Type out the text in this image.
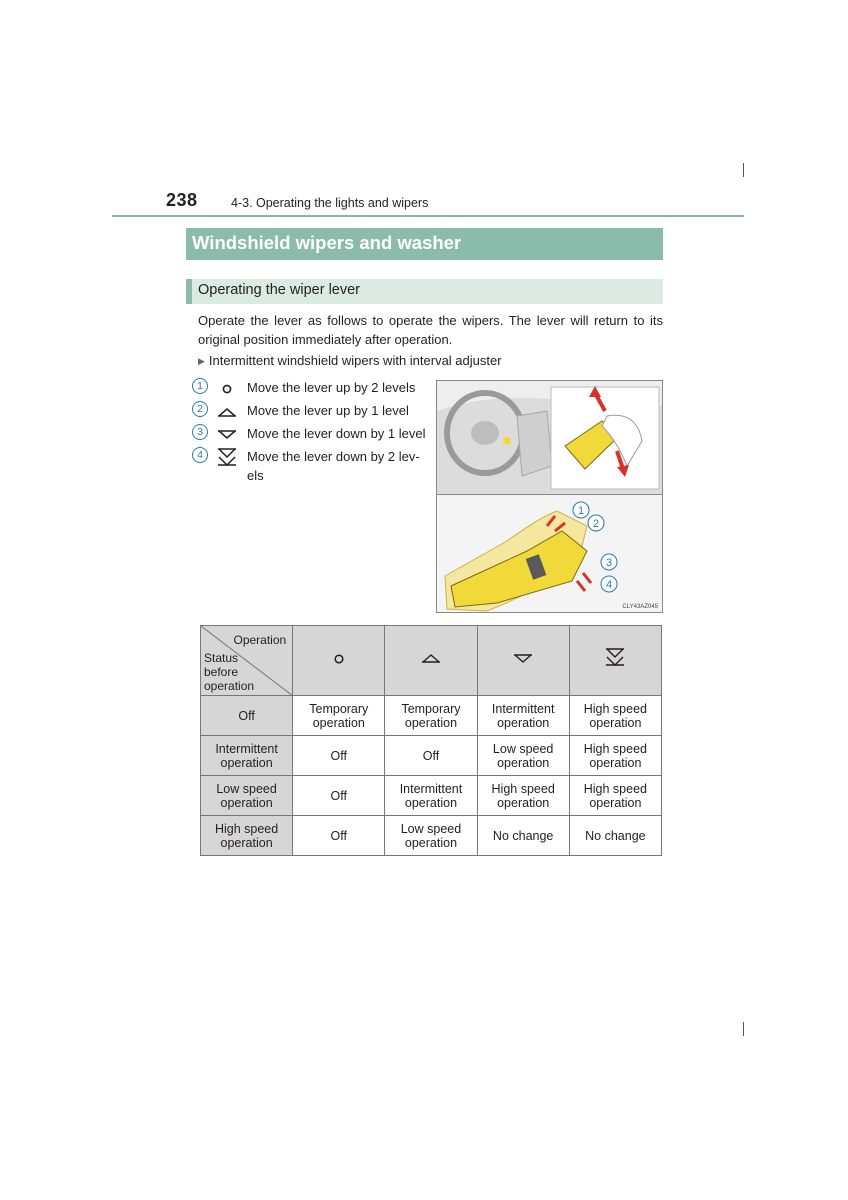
238	4-3. Operating the lights and wipers
Windshield wipers and washer
Operating the wiper lever

Operate the lever as follows to operate the wipers. The lever will return to its original position immediately after operation.

▶ Intermittent windshield wipers with interval adjuster
1	Move the lever up by 2 levels
2	Move the lever up by 1 level
3	Move the lever down by 1 level
4	Move the lever down by 2 lev-els
1
2
3
4
CLY43AZ045
Operation
Status before operation

Off	Temporary operation	Temporary operation	Intermittent operation	High speed operation
Intermittent operation	Off	Off	Low speed operation	High speed operation
Low speed operation	Off	Intermittent operation	High speed operation	High speed operation
High speed operation	Off	Low speed operation	No change	No change
